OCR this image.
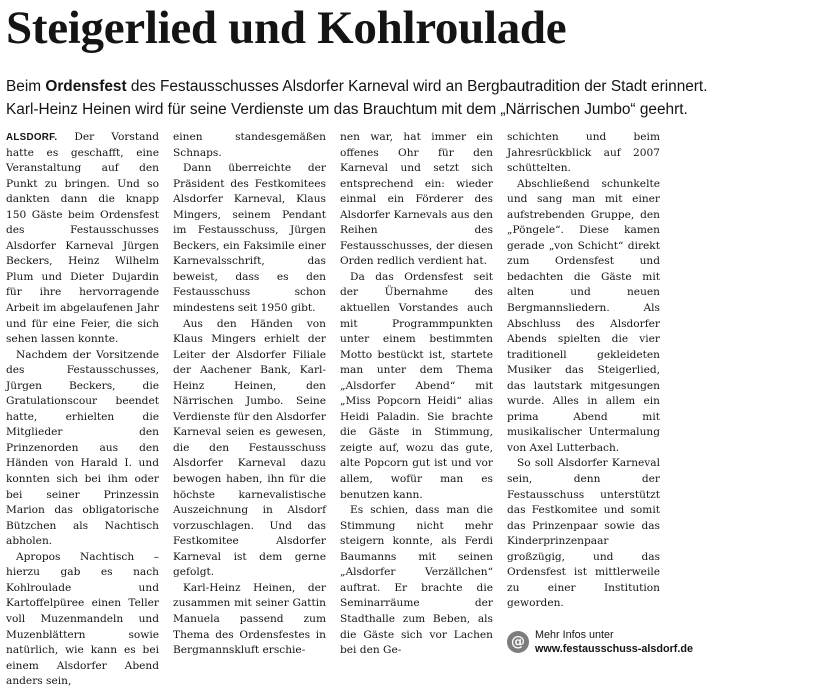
Steigerlied und Kohlroulade
Beim Ordensfest des Festausschusses Alsdorfer Karneval wird an Bergbautradition der Stadt erinnert.
Karl-Heinz Heinen wird für seine Verdienste um das Brauchtum mit dem „Närrischen Jumbo“ geehrt.

ALSDORF. Der Vorstand hatte es geschafft, eine Veranstaltung auf den Punkt zu bringen. Und so dankten dann die knapp 150 Gäste beim Ordensfest des Festausschusses Alsdorfer Karneval Jürgen Beckers, Heinz Wilhelm Plum und Dieter Dujardin für ihre hervorragende Arbeit im abgelaufenen Jahr und für eine Feier, die sich sehen lassen konnte.

Nachdem der Vorsitzende des Festausschusses, Jürgen Beckers, die Gratulationscour beendet hatte, erhielten die Mitglieder den Prinzenorden aus den Händen von Harald I. und konnten sich bei ihm oder bei seiner Prinzessin Marion das obligatorische Bützchen als Nachtisch abholen.

Apropos Nachtisch – hierzu gab es nach Kohlroulade und Kartoffelpüree einen Teller voll Muzenmandeln und Muzenblättern sowie natürlich, wie kann es bei einem Alsdorfer Abend anders sein,

einen standesgemäßen Schnaps.

Dann überreichte der Präsident des Festkomitees Alsdorfer Karneval, Klaus Mingers, seinem Pendant im Festausschuss, Jürgen Beckers, ein Faksimile einer Karnevalsschrift, das beweist, dass es den Festausschuss schon mindestens seit 1950 gibt.

Aus den Händen von Klaus Mingers erhielt der Leiter der Alsdorfer Filiale der Aachener Bank, Karl-Heinz Heinen, den Närrischen Jumbo. Seine Verdienste für den Alsdorfer Karneval seien es gewesen, die den Festausschuss Alsdorfer Karneval dazu bewogen haben, ihn für die höchste karnevalistische Auszeichnung in Alsdorf vorzuschlagen. Und das Festkomitee Alsdorfer Karneval ist dem gerne gefolgt.

Karl-Heinz Heinen, der zusammen mit seiner Gattin Manuela passend zum Thema des Ordensfestes in Bergmannskluft erschie-

nen war, hat immer ein offenes Ohr für den Karneval und setzt sich entsprechend ein: wieder einmal ein Förderer des Alsdorfer Karnevals aus den Reihen des Festausschusses, der diesen Orden redlich verdient hat.

Da das Ordensfest seit der Übernahme des aktuellen Vorstandes auch mit Programmpunkten unter einem bestimmten Motto bestückt ist, startete man unter dem Thema „Alsdorfer Abend“ mit „Miss Popcorn Heidi“ alias Heidi Paladin. Sie brachte die Gäste in Stimmung, zeigte auf, wozu das gute, alte Popcorn gut ist und vor allem, wofür man es benutzen kann.

Es schien, dass man die Stimmung nicht mehr steigern konnte, als Ferdi Baumanns mit seinen „Alsdorfer Verzällchen“ auftrat. Er brachte die Seminarräume der Stadthalle zum Beben, als die Gäste sich vor Lachen bei den Ge-

schichten und beim Jahresrückblick auf 2007 schüttelten.

Abschließend schunkelte und sang man mit einer aufstrebenden Gruppe, den „Pöngele“. Diese kamen gerade „von Schicht“ direkt zum Ordensfest und bedachten die Gäste mit alten und neuen Bergmannsliedern. Als Abschluss des Alsdorfer Abends spielten die vier traditionell gekleideten Musiker das Steigerlied, das lautstark mitgesungen wurde. Alles in allem ein prima Abend mit musikalischer Untermalung von Axel Lutterbach.

So soll Alsdorfer Karneval sein, denn der Festausschuss unterstützt das Festkomitee und somit das Prinzenpaar sowie das Kinderprinzenpaar großzügig, und das Ordensfest ist mittlerweile zu einer Institution geworden.

@ Mehr Infos unter
www.festausschuss-alsdorf.de
